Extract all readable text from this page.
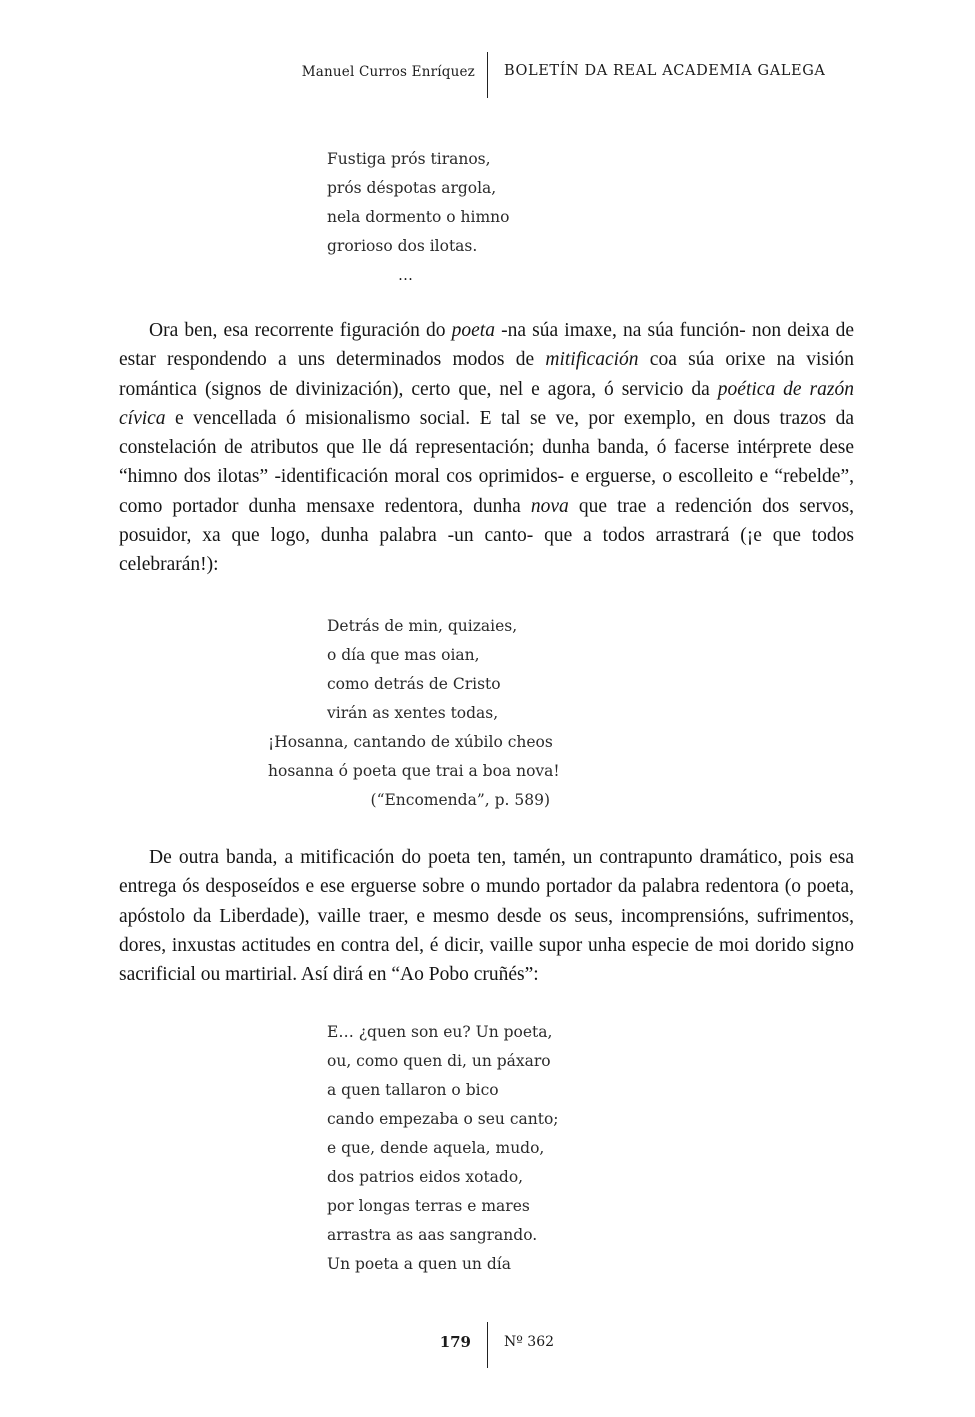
Manuel Curros Enríquez BOLETÍN DA REAL ACADEMIA GALEGA
Fustiga prós tiranos,
prós déspotas argola,
nela dormento o himno
grorioso dos ilotas.
…

Ora ben, esa recorrente figuración do poeta -na súa imaxe, na súa función- non deixa de estar respondendo a uns determinados modos de mitificación coa súa orixe na visión romántica (signos de divinización), certo que, nel e agora, ó servicio da poética de razón cívica e vencellada ó misionalismo social. E tal se ve, por exemplo, en dous trazos da constelación de atributos que lle dá representación; dunha banda, ó facerse intérprete dese “himno dos ilotas” -identificación moral cos oprimidos- e erguerse, o escolleito e “rebelde”, como portador dunha mensaxe redentora, dunha nova que trae a redención dos servos, posuidor, xa que logo, dunha palabra -un canto- que a todos arrastrará (¡e que todos celebrarán!):

Detrás de min, quizaies,
o día que mas oian,
como detrás de Cristo
virán as xentes todas,
¡Hosanna, cantando de xúbilo cheos
hosanna ó poeta que trai a boa nova!
(“Encomenda”, p. 589)

De outra banda, a mitificación do poeta ten, tamén, un contrapunto dramático, pois esa entrega ós desposeídos e ese erguerse sobre o mundo portador da palabra redentora (o poeta, apóstolo da Liberdade), vaille traer, e mesmo desde os seus, incomprensións, sufrimentos, dores, inxustas actitudes en contra del, é dicir, vaille supor unha especie de moi dorido signo sacrificial ou martirial. Así dirá en “Ao Pobo cruñés”:

E… ¿quen son eu? Un poeta,
ou, como quen di, un páxaro
a quen tallaron o bico
cando empezaba o seu canto;
e que, dende aquela, mudo,
dos patrios eidos xotado,
por longas terras e mares
arrastra as aas sangrando.
Un poeta a quen un día
179 Nº 362
